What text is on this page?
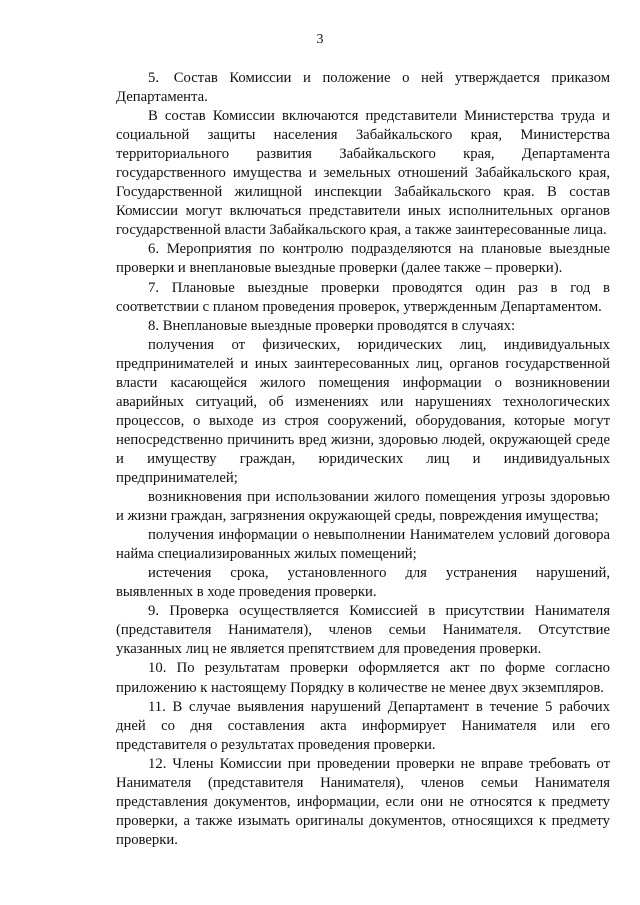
3

5. Состав Комиссии и положение о ней утверждается приказом Департамента.

В состав Комиссии включаются представители Министерства труда и социальной защиты населения Забайкальского края, Министерства территориального развития Забайкальского края, Департамента государственного имущества и земельных отношений Забайкальского края, Государственной жилищной инспекции Забайкальского края. В состав Комиссии могут включаться представители иных исполнительных органов государственной власти Забайкальского края, а также заинтересованные лица.

6. Мероприятия по контролю подразделяются на плановые выездные проверки и внеплановые выездные проверки (далее также – проверки).

7. Плановые выездные проверки проводятся один раз в год в соответствии с планом проведения проверок, утвержденным Департаментом.

8. Внеплановые выездные проверки проводятся в случаях:

получения от физических, юридических лиц, индивидуальных предпринимателей и иных заинтересованных лиц, органов государственной власти касающейся жилого помещения информации о возникновении аварийных ситуаций, об изменениях или нарушениях технологических процессов, о выходе из строя сооружений, оборудования, которые могут непосредственно причинить вред жизни, здоровью людей, окружающей среде и имуществу граждан, юридических лиц и индивидуальных предпринимателей;

возникновения при использовании жилого помещения угрозы здоровью и жизни граждан, загрязнения окружающей среды, повреждения имущества;

получения информации о невыполнении Нанимателем условий договора найма специализированных жилых помещений;

истечения срока, установленного для устранения нарушений, выявленных в ходе проведения проверки.

9. Проверка осуществляется Комиссией в присутствии Нанимателя (представителя Нанимателя), членов семьи Нанимателя. Отсутствие указанных лиц не является препятствием для проведения проверки.

10. По результатам проверки оформляется акт по форме согласно приложению к настоящему Порядку в количестве не менее двух экземпляров.

11. В случае выявления нарушений Департамент в течение 5 рабочих дней со дня составления акта информирует Нанимателя или его представителя о результатах проведения проверки.

12. Члены Комиссии при проведении проверки не вправе требовать от Нанимателя (представителя Нанимателя), членов семьи Нанимателя представления документов, информации, если они не относятся к предмету проверки, а также изымать оригиналы документов, относящихся к предмету проверки.
